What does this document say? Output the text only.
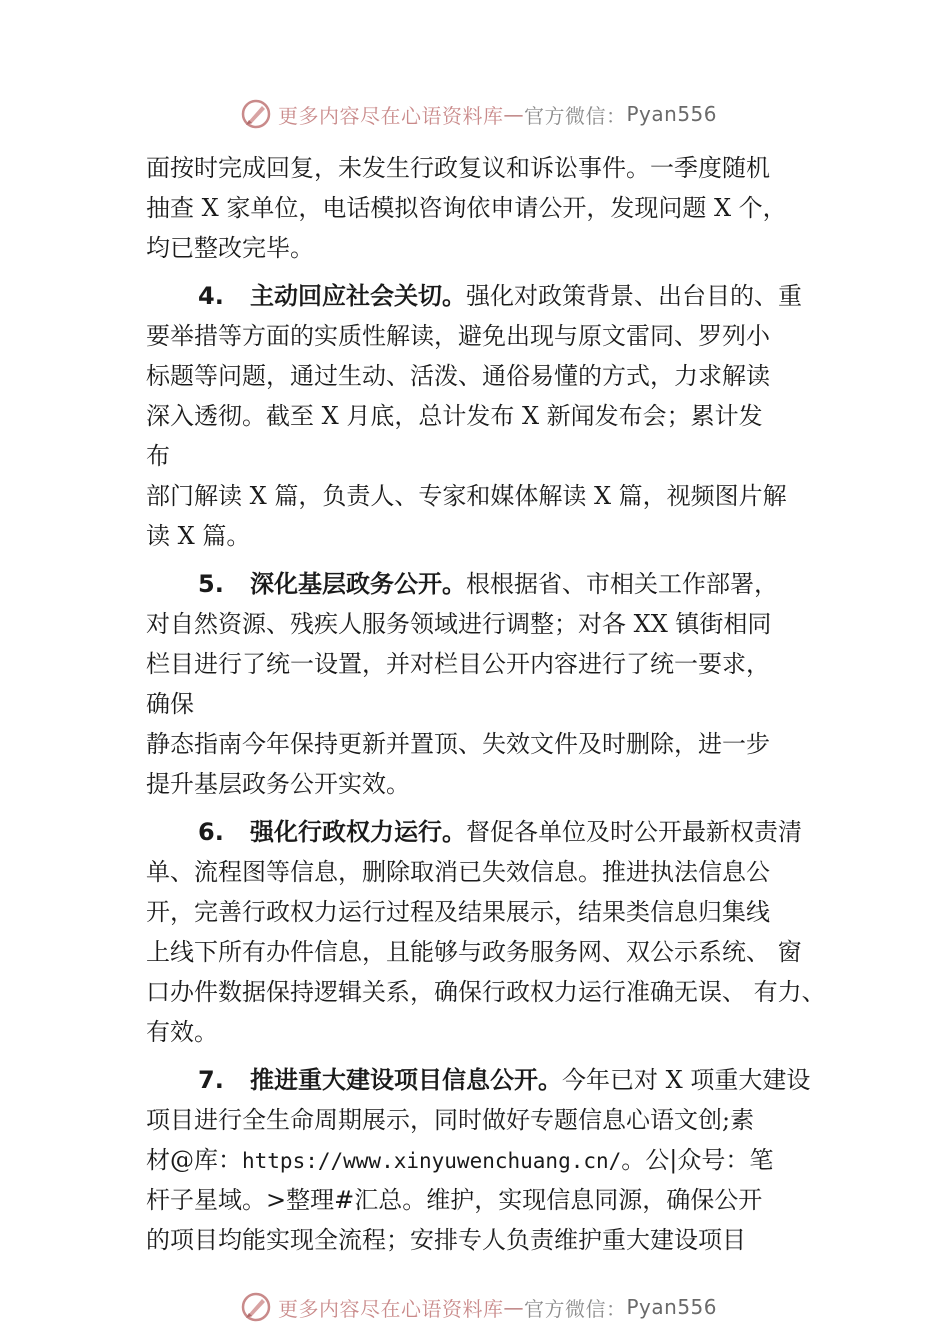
更多内容尽在心语资料库 — 官方微信： Pyan556
面按时完成回复，未发生行政复议和诉讼事件。一季度随机
抽查 X 家单位，电话模拟咨询依申请公开，发现问题 X 个，
均已整改完毕。
4. 主动回应社会关切。强化对政策背景、出台目的、重
要举措等方面的实质性解读，避免出现与原文雷同、罗列小
标题等问题，通过生动、活泼、通俗易懂的方式，力求解读
深入透彻。截至 X 月底，总计发布 X 新闻发布会；累计发
布
部门解读 X 篇，负责人、专家和媒体解读 X 篇，视频图片解
读 X 篇。
5. 深化基层政务公开。根根据省、市相关工作部署，
对自然资源、残疾人服务领域进行调整；对各 XX 镇街相同
栏目进行了统一设置，并对栏目公开内容进行了统一要求，
确保
静态指南今年保持更新并置顶、失效文件及时删除，进一步
提升基层政务公开实效。
6. 强化行政权力运行。督促各单位及时公开最新权责清
单、流程图等信息，删除取消已失效信息。推进执法信息公
开，完善行政权力运行过程及结果展示，结果类信息归集线
上线下所有办件信息，且能够与政务服务网、双公示系统、 窗
口办件数据保持逻辑关系，确保行政权力运行准确无误、 有力、
有效。
7. 推进重大建设项目信息公开。今年已对 X 项重大建设
项目进行全生命周期展示，同时做好专题信息心语文创;素
材@库：https://www.xinyuwenchuang.cn/。公|众号：笔
杆子星域。>整理#汇总。维护，实现信息同源，确保公开
的项目均能实现全流程；安排专人负责维护重大建设项目
更多内容尽在心语资料库 — 官方微信： Pyan556
